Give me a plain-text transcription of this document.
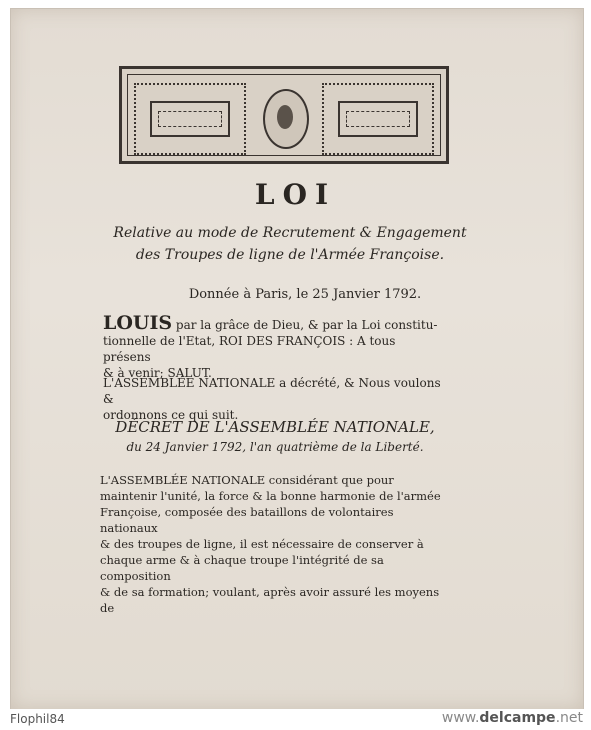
LOI
Relative au mode de Recrutement & Engagement
des Troupes de ligne de l'Armée Françoise.
Donnée à Paris, le 25 Janvier 1792.
LOUIS par la grâce de Dieu, & par la Loi constitu-
tionnelle de l'Etat, ROI DES FRANÇOIS : A tous présens
& à venir; SALUT.
L'ASSEMBLÉE NATIONALE a décrété, & Nous voulons &
ordonnons ce qui suit.
DÉCRET DE L'ASSEMBLÉE NATIONALE,
du 24 Janvier 1792, l'an quatrième de la Liberté.
L'ASSEMBLÉE NATIONALE considérant que pour
maintenir l'unité, la force & la bonne harmonie de l'armée
Françoise, composée des bataillons de volontaires nationaux
& des troupes de ligne, il est nécessaire de conserver à
chaque arme & à chaque troupe l'intégrité de sa composition
& de sa formation; voulant, après avoir assuré les moyens de
Flophil84	www.delcampe.net
